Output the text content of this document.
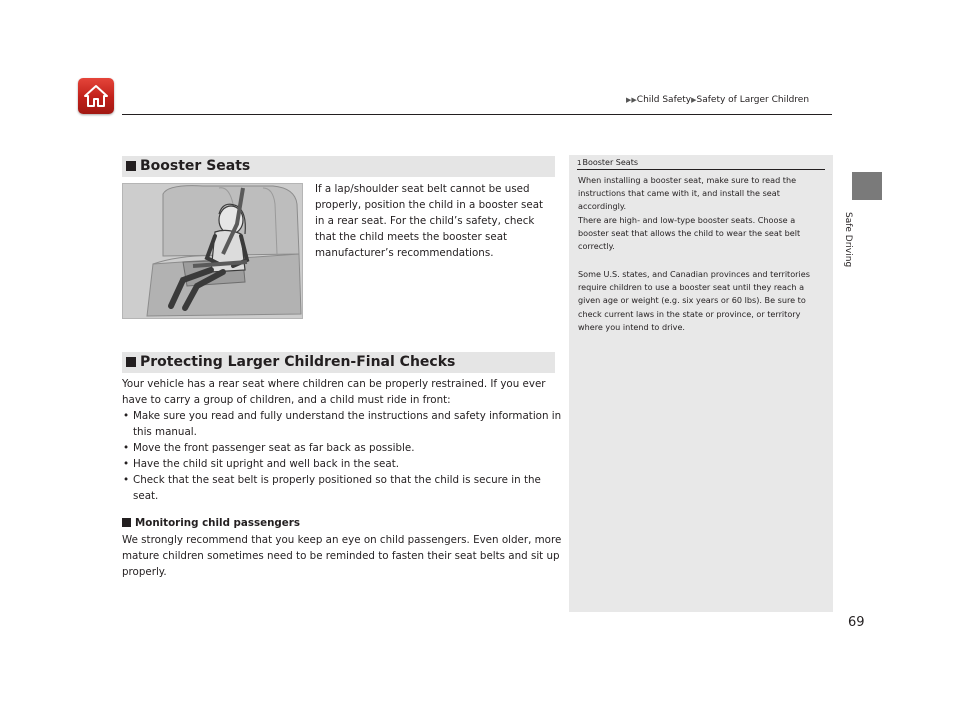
▶▶Child Safety▶Safety of Larger Children
Safe Driving
Booster Seats
If a lap/shoulder seat belt cannot be used properly, position the child in a booster seat in a rear seat. For the child’s safety, check that the child meets the booster seat manufacturer’s recommendations.
Protecting Larger Children-Final Checks

Your vehicle has a rear seat where children can be properly restrained. If you ever have to carry a group of children, and a child must ride in front:

• Make sure you read and fully understand the instructions and safety information in this manual.
• Move the front passenger seat as far back as possible.
• Have the child sit upright and well back in the seat.
• Check that the seat belt is properly positioned so that the child is secure in the seat.
Monitoring child passengers

We strongly recommend that you keep an eye on child passengers. Even older, more mature children sometimes need to be reminded to fasten their seat belts and sit up properly.

1Booster Seats

When installing a booster seat, make sure to read the instructions that came with it, and install the seat accordingly.

There are high- and low-type booster seats. Choose a booster seat that allows the child to wear the seat belt correctly.

Some U.S. states, and Canadian provinces and territories require children to use a booster seat until they reach a given age or weight (e.g. six years or 60 lbs). Be sure to check current laws in the state or province, or territory where you intend to drive.

69
